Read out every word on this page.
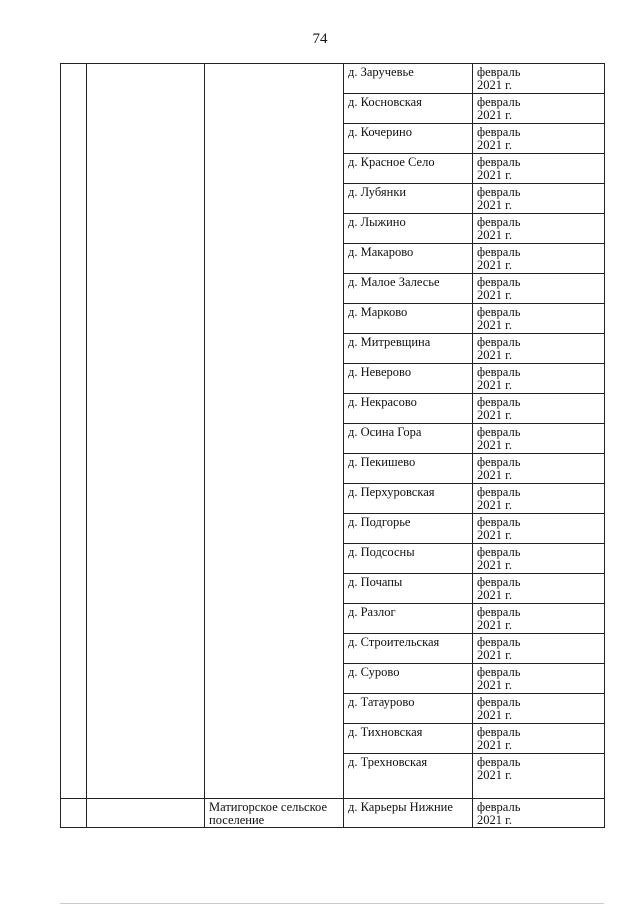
74
			д. Заручевье	февраль
2021 г.

			д. Косновская	февраль
2021 г.

			д. Кочерино	февраль
2021 г.

			д. Красное Село	февраль
2021 г.

			д. Лубянки	февраль
2021 г.

			д. Лыжино	февраль
2021 г.

			д. Макарово	февраль
2021 г.

			д. Малое Залесье	февраль
2021 г.

			д. Марково	февраль
2021 г.

			д. Митревщина	февраль
2021 г.

			д. Неверово	февраль
2021 г.

			д. Некрасово	февраль
2021 г.

			д. Осина Гора	февраль
2021 г.

			д. Пекишево	февраль
2021 г.

			д. Перхуровская	февраль
2021 г.

			д. Подгорье	февраль
2021 г.

			д. Подсосны	февраль
2021 г.

			д. Почапы	февраль
2021 г.

			д. Разлог	февраль
2021 г.

			д. Строительская	февраль
2021 г.

			д. Сурово	февраль
2021 г.

			д. Татаурово	февраль
2021 г.

			д. Тихновская	февраль
2021 г.

			д. Трехновская	февраль
2021 г.

		Матигорское сельское поселение	д. Карьеры Нижние	февраль
2021 г.
